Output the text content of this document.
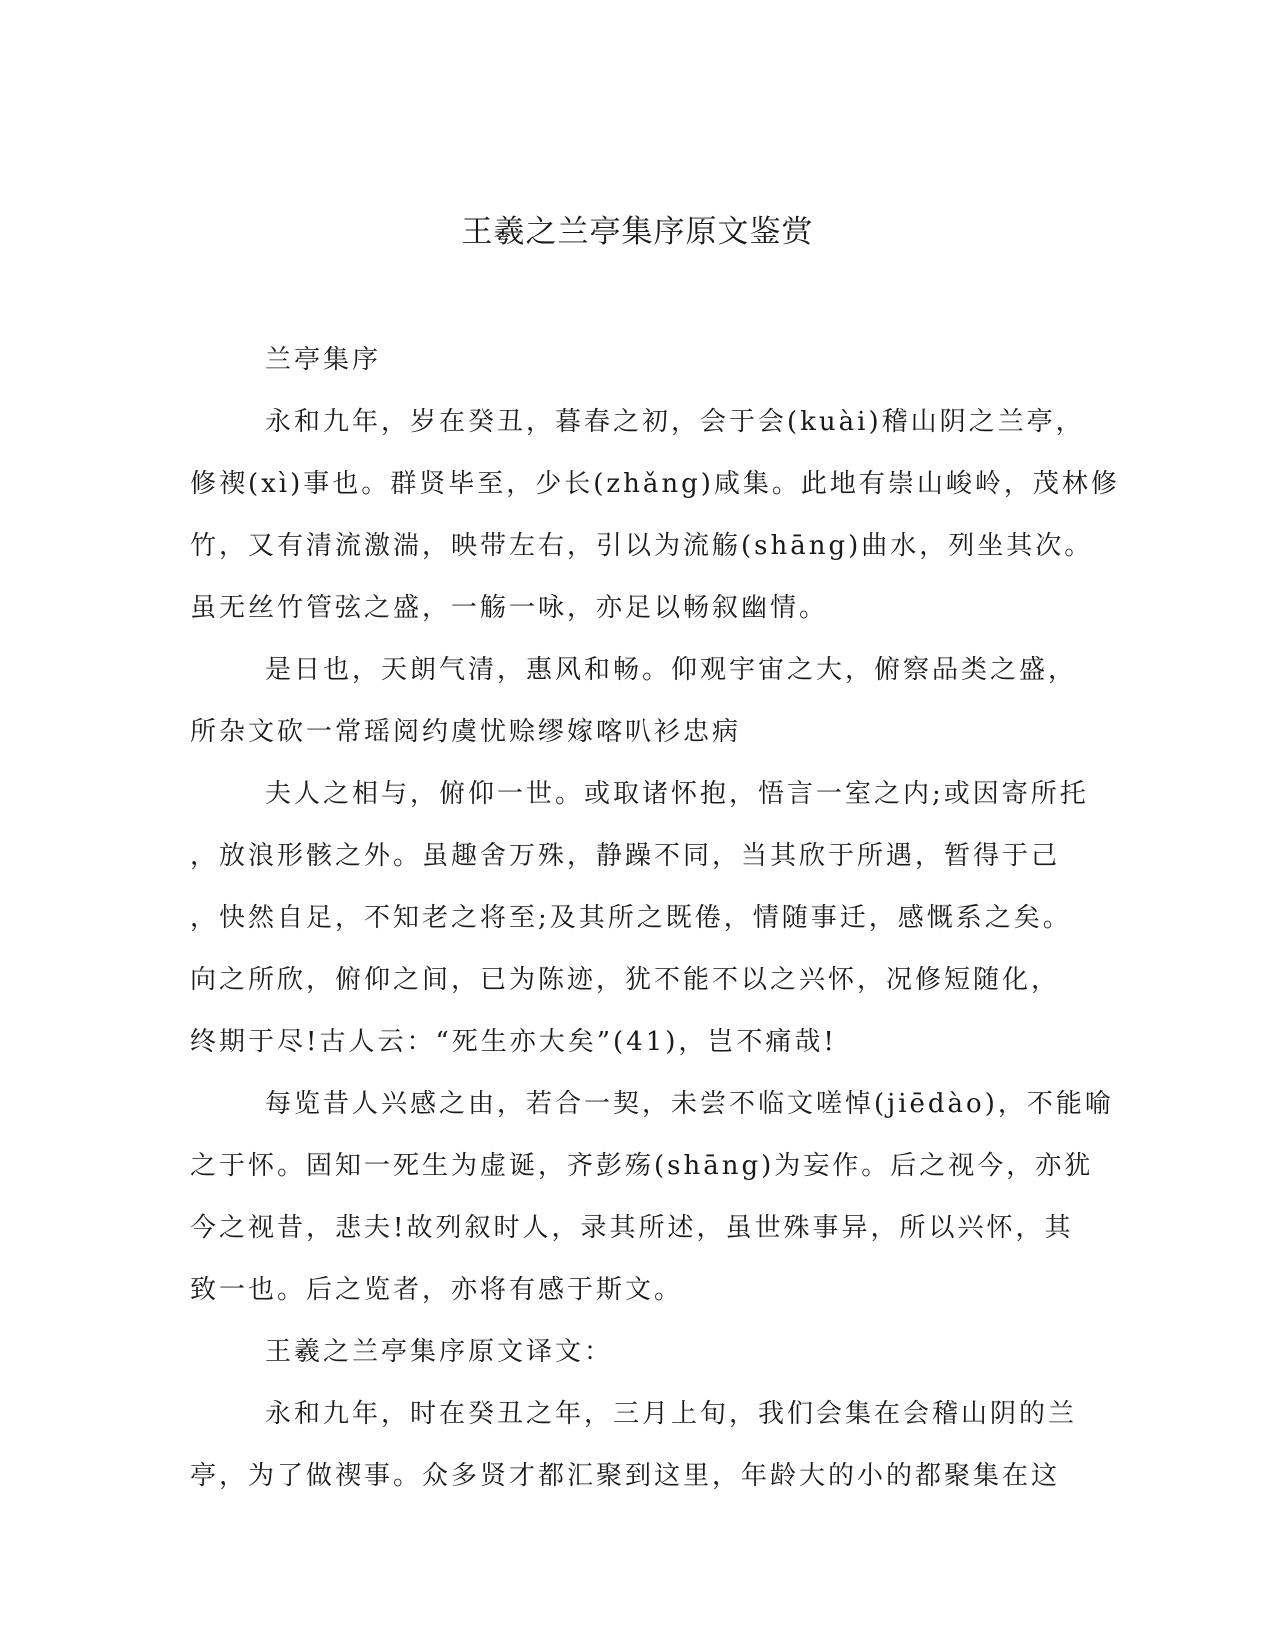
王羲之兰亭集序原文鉴赏
兰亭集序
永和九年，岁在癸丑，暮春之初，会于会(kuài)稽山阴之兰亭，
修禊(xì)事也。群贤毕至，少长(zhǎng)咸集。此地有崇山峻岭，茂林修
竹，又有清流激湍，映带左右，引以为流觞(shāng)曲水，列坐其次。
虽无丝竹管弦之盛，一觞一咏，亦足以畅叙幽情。
是日也，天朗气清，惠风和畅。仰观宇宙之大，俯察品类之盛，
所杂文砍一常瑶阅约虞忧赊缪嫁喀叭衫忠病
夫人之相与，俯仰一世。或取诸怀抱，悟言一室之内;或因寄所托
，放浪形骸之外。虽趣舍万殊，静躁不同，当其欣于所遇，暂得于己
，快然自足，不知老之将至;及其所之既倦，情随事迁，感慨系之矣。
向之所欣，俯仰之间，已为陈迹，犹不能不以之兴怀，况修短随化，
终期于尽!古人云：“死生亦大矣”(41)，岂不痛哉!
每览昔人兴感之由，若合一契，未尝不临文嗟悼(jiēdào)，不能喻
之于怀。固知一死生为虚诞，齐彭殇(shāng)为妄作。后之视今，亦犹
今之视昔，悲夫!故列叙时人，录其所述，虽世殊事异，所以兴怀，其
致一也。后之览者，亦将有感于斯文。
王羲之兰亭集序原文译文：
永和九年，时在癸丑之年，三月上旬，我们会集在会稽山阴的兰
亭，为了做禊事。众多贤才都汇聚到这里，年龄大的小的都聚集在这
